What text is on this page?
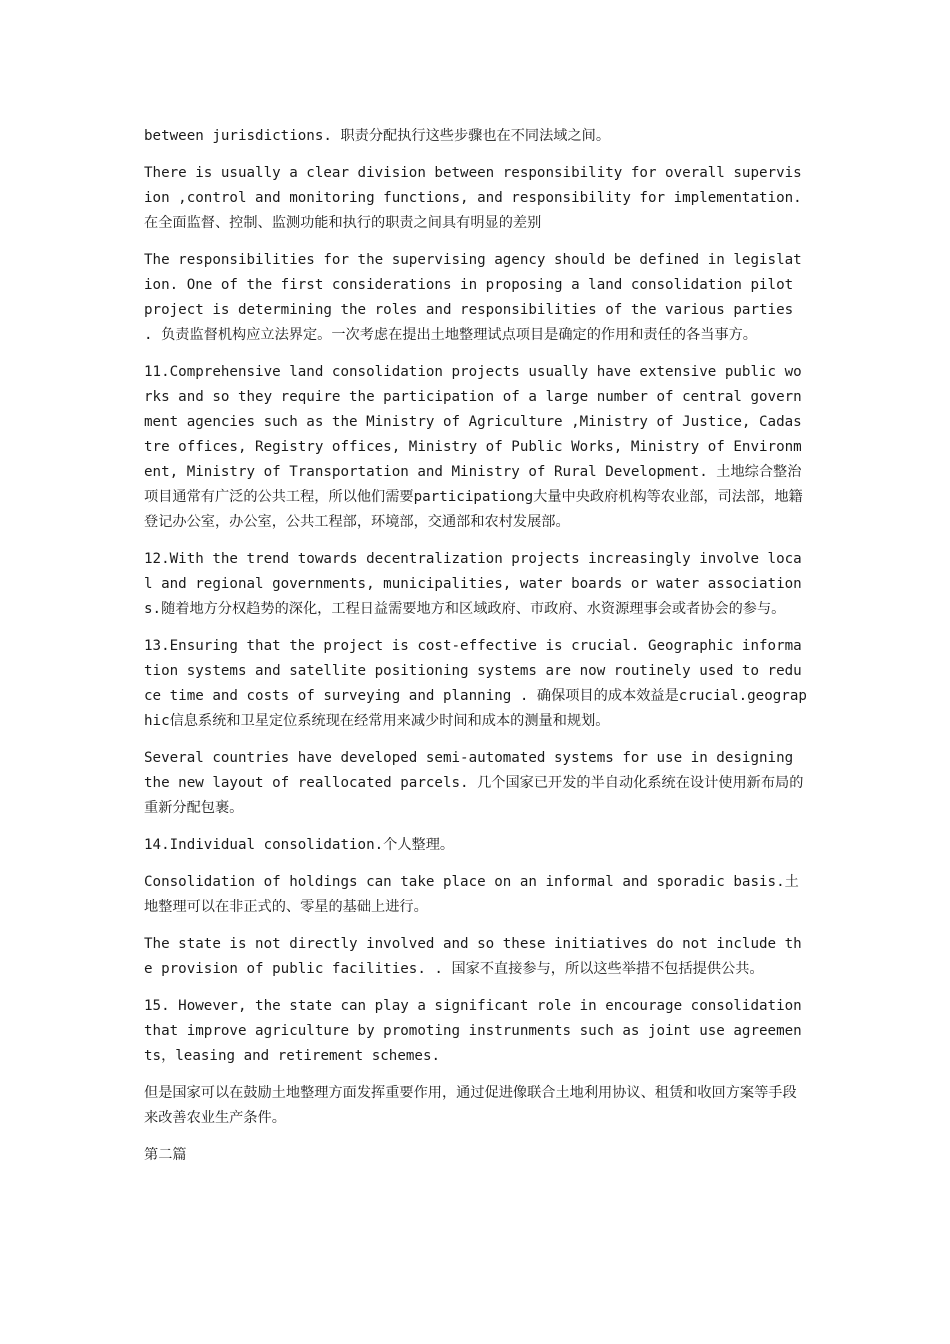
between jurisdictions. 职责分配执行这些步骤也在不同法域之间。

There is usually a clear division between responsibility for overall supervision ,control and monitoring functions, and responsibility for implementation. 在全面监督、控制、监测功能和执行的职责之间具有明显的差别

The responsibilities for the supervising agency should be defined in legislation. One of the first considerations in proposing a land consolidation pilot project is determining the roles and responsibilities of the various parties . 负责监督机构应立法界定。一次考虑在提出土地整理试点项目是确定的作用和责任的各当事方。

11.Comprehensive land consolidation projects usually have extensive public works and so they require the participation of a large number of central government agencies such as the Ministry of Agriculture ,Ministry of Justice, Cadastre offices, Registry offices, Ministry of Public Works, Ministry of Environment, Ministry of Transportation and Ministry of Rural Development. 土地综合整治项目通常有广泛的公共工程，所以他们需要participationg大量中央政府机构等农业部，司法部，地籍登记办公室，办公室，公共工程部，环境部，交通部和农村发展部。

12.With the trend towards decentralization projects increasingly involve local and regional governments, municipalities, water boards or water associations.随着地方分权趋势的深化，工程日益需要地方和区域政府、市政府、水资源理事会或者协会的参与。

13.Ensuring that the project is cost-effective is crucial. Geographic information systems and satellite positioning systems are now routinely used to reduce time and costs of surveying and planning . 确保项目的成本效益是crucial.geographic信息系统和卫星定位系统现在经常用来减少时间和成本的测量和规划。

Several countries have developed semi-automated systems for use in designing the new layout of reallocated parcels. 几个国家已开发的半自动化系统在设计使用新布局的重新分配包裹。

14.Individual consolidation.个人整理。

Consolidation of holdings can take place on an informal and sporadic basis.土地整理可以在非正式的、零星的基础上进行。

The state is not directly involved and so these initiatives do not include the provision of public facilities. . 国家不直接参与，所以这些举措不包括提供公共。

15. However, the state can play a significant role in encourage consolidation that improve agriculture by promoting instrunments such as joint use agreements，leasing and retirement schemes.

但是国家可以在鼓励土地整理方面发挥重要作用，通过促进像联合土地利用协议、租赁和收回方案等手段来改善农业生产条件。

第二篇
